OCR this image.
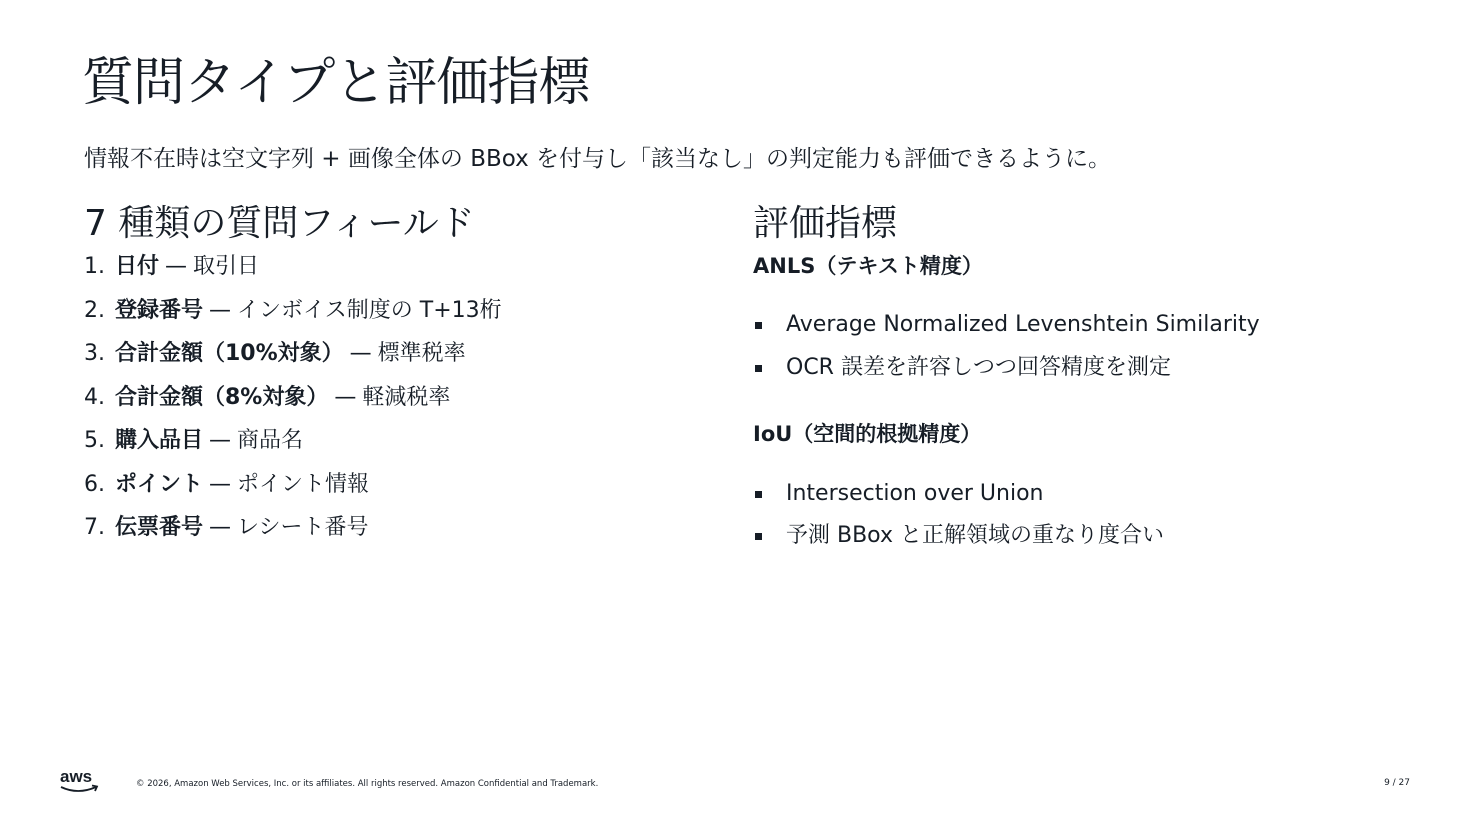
質問タイプと評価指標

情報不在時は空文字列 + 画像全体の BBox を付与し「該当なし」の判定能力も評価できるように。

7 種類の質問フィールド
1. 日付 — 取引日
2. 登録番号 — インボイス制度の T+13桁
3. 合計金額（10%対象） — 標準税率
4. 合計金額（8%対象） — 軽減税率
5. 購入品目 — 商品名
6. ポイント — ポイント情報
7. 伝票番号 — レシート番号
評価指標

ANLS（テキスト精度）

Average Normalized Levenshtein Similarity
OCR 誤差を許容しつつ回答精度を測定

IoU（空間的根拠精度）

Intersection over Union
予測 BBox と正解領域の重なり度合い
aws	© 2026, Amazon Web Services, Inc. or its affiliates. All rights reserved. Amazon Confidential and Trademark.	9 / 27
